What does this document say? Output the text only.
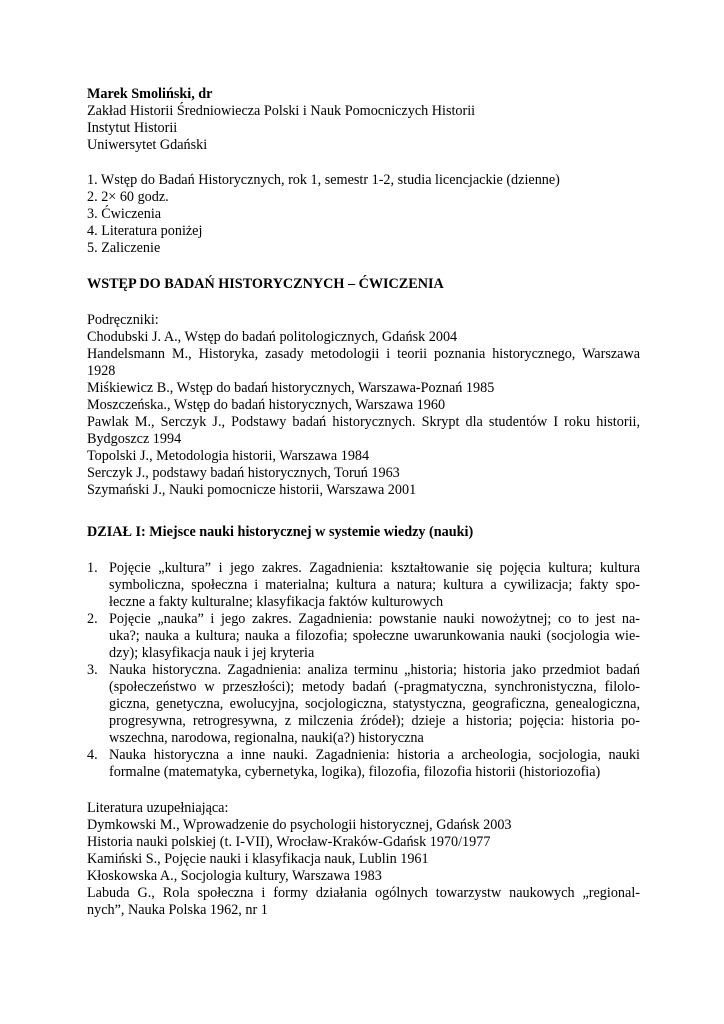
Marek Smoliński, dr
Zakład Historii Średniowiecza Polski i Nauk Pomocniczych Historii
Instytut Historii
Uniwersytet Gdański
1. Wstęp do Badań Historycznych, rok 1, semestr 1-2, studia licencjackie (dzienne)
2. 2× 60 godz.
3. Ćwiczenia
4. Literatura poniżej
5. Zaliczenie
WSTĘP DO BADAŃ HISTORYCZNYCH – ĆWICZENIA
Podręczniki:
Chodubski J. A., Wstęp do badań politologicznych, Gdańsk 2004
Handelsmann M., Historyka, zasady metodologii i teorii poznania historycznego, Warszawa
1928
Miśkiewicz B., Wstęp do badań historycznych, Warszawa-Poznań 1985
Moszczeńska., Wstęp do badań historycznych, Warszawa 1960
Pawlak M., Serczyk J., Podstawy badań historycznych. Skrypt dla studentów I roku historii,
Bydgoszcz 1994
Topolski J., Metodologia historii, Warszawa 1984
Serczyk J., podstawy badań historycznych, Toruń 1963
Szymański J., Nauki pomocnicze historii, Warszawa 2001
DZIAŁ I: Miejsce nauki historycznej w systemie wiedzy (nauki)
1. Pojęcie „kultura” i jego zakres. Zagadnienia: kształtowanie się pojęcia kultura; kultura
symboliczna, społeczna i materialna; kultura a natura; kultura a cywilizacja; fakty spo-
łeczne a fakty kulturalne; klasyfikacja faktów kulturowych
2. Pojęcie „nauka” i jego zakres. Zagadnienia: powstanie nauki nowożytnej; co to jest na-
uka?; nauka a kultura; nauka a filozofia; społeczne uwarunkowania nauki (socjologia wie-
dzy); klasyfikacja nauk i jej kryteria
3. Nauka historyczna. Zagadnienia: analiza terminu „historia; historia jako przedmiot badań
(społeczeństwo w przeszłości); metody badań (-pragmatyczna, synchronistyczna, filolo-
giczna, genetyczna, ewolucyjna, socjologiczna, statystyczna, geograficzna, genealogiczna,
progresywna, retrogresywna, z milczenia źródeł); dzieje a historia; pojęcia: historia po-
wszechna, narodowa, regionalna, nauki(a?) historyczna
4. Nauka historyczna a inne nauki. Zagadnienia: historia a archeologia, socjologia, nauki
formalne (matematyka, cybernetyka, logika), filozofia, filozofia historii (historiozofia)
Literatura uzupełniająca:
Dymkowski M., Wprowadzenie do psychologii historycznej, Gdańsk 2003
Historia nauki polskiej (t. I-VII), Wrocław-Kraków-Gdańsk 1970/1977
Kamiński S., Pojęcie nauki i klasyfikacja nauk, Lublin 1961
Kłoskowska A., Socjologia kultury, Warszawa 1983
Labuda G., Rola społeczna i formy działania ogólnych towarzystw naukowych „regional-
nych”, Nauka Polska 1962, nr 1
